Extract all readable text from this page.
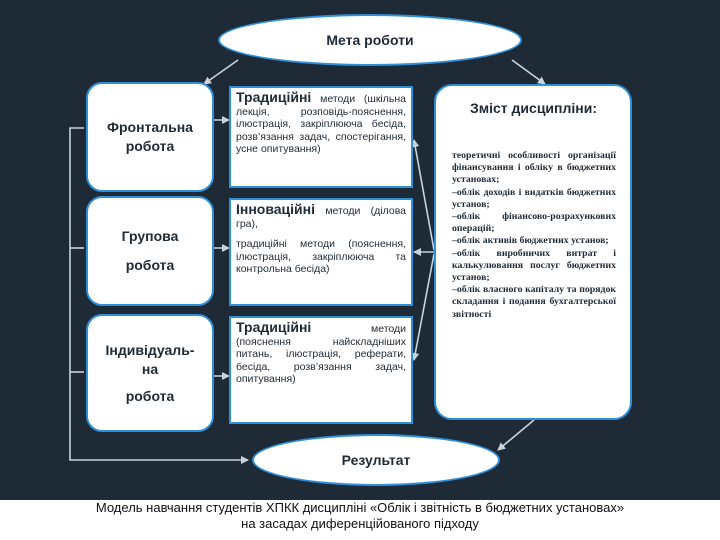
Мета роботи
Результат
Фронтальна
робота
Групова
робота
Індивідуаль-
на
робота
Традиційні методи (шкільна лекція, розповідь-пояснення, ілюстрація, закріплююча бесіда, розв’язання задач, спостерігання, усне опитування)
Інноваційні методи (ділова гра),
традиційні методи (пояснення, ілюстрація, закріплююча та контрольна бесіда)
Традиційні методи (пояснення найскладніших питань, ілюстрація, реферати, бесіда, розв’язання задач, опитування)
Зміст дисципліни:
теоретичні особливості організації фінансування і обліку в бюджетних установах;
–облік доходів і видатків бюджетних установ;
–облік фінансово-розрахункових операцій;
–облік активів бюджетних установ;
–облік виробничих витрат і калькулювання послуг бюджетних установ;
–облік власного капіталу та порядок складання і подання бухгалтерської звітності
Модель навчання студентів ХПКК дисципліні «Облік і звітність в бюджетних установах»
на засадах диференційованого підходу
